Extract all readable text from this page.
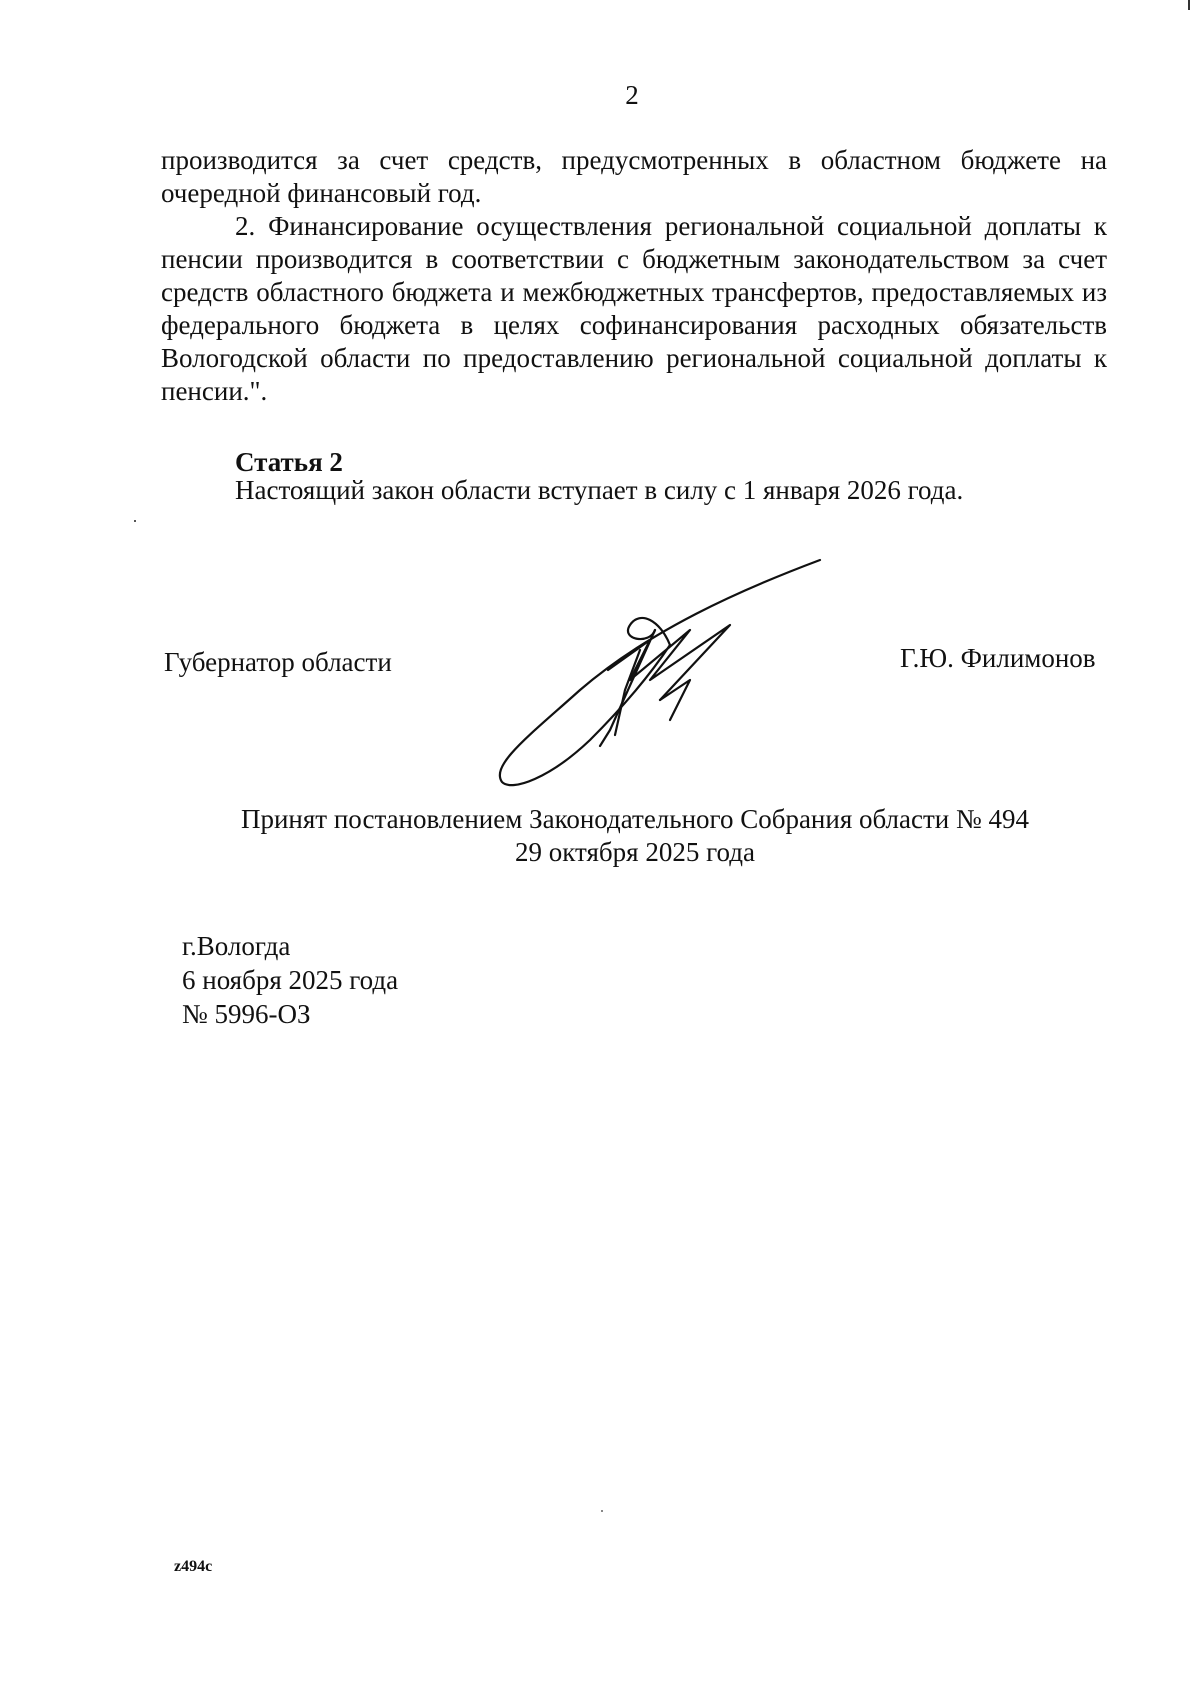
2

производится за счет средств, предусмотренных в областном бюджете на очередной финансовый год.

2. Финансирование осуществления региональной социальной доплаты к пенсии производится в соответствии с бюджетным законодательством за счет средств областного бюджета и межбюджетных трансфертов, предоставляемых из федерального бюджета в целях софинансирования расходных обязательств Вологодской области по предоставлению региональной социальной доплаты к пенсии.".

Статья 2
Настоящий закон области вступает в силу с 1 января 2026 года.
Губернатор области	Г.Ю. Филимонов
Принят постановлением Законодательного Собрания области № 494
29 октября 2025 года
г.Вологда
6 ноября 2025 года
№ 5996-ОЗ
z494c
